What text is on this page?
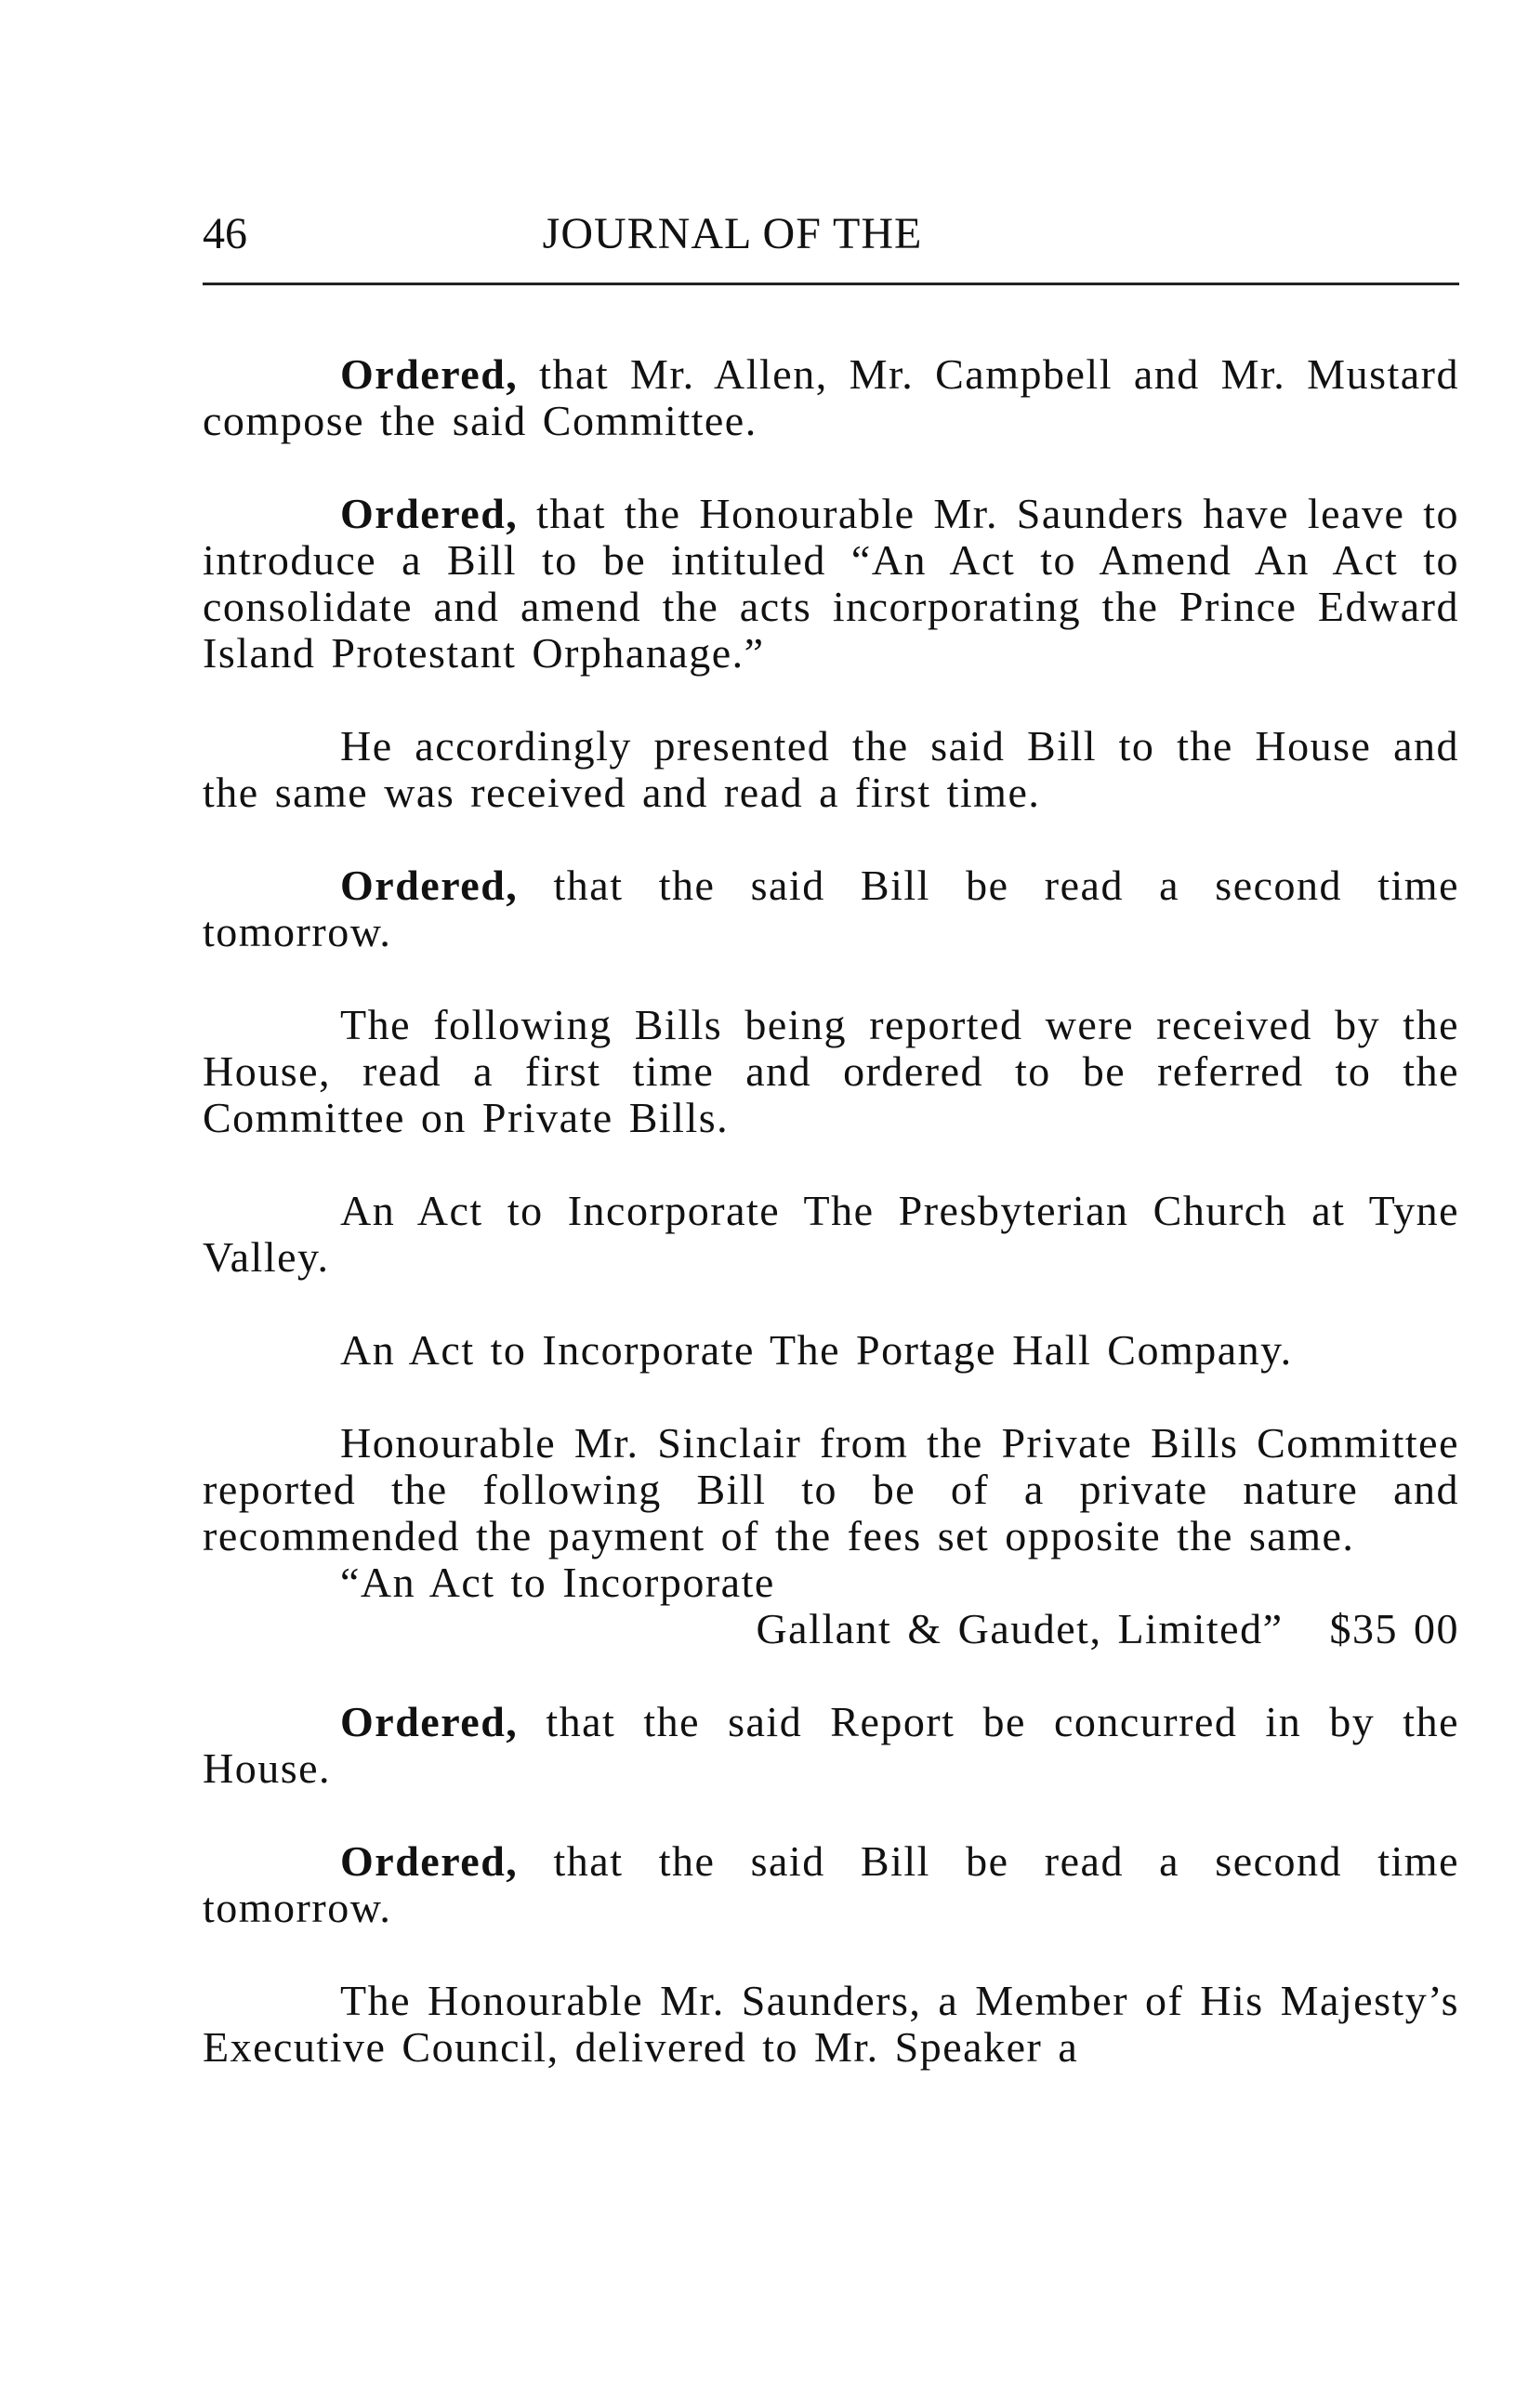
46	JOURNAL OF THE

Ordered, that Mr. Allen, Mr. Campbell and Mr. Mustard compose the said Committee.

Ordered, that the Honourable Mr. Saunders have leave to introduce a Bill to be intituled “An Act to Amend An Act to consolidate and amend the acts incorporating the Prince Edward Island Protestant Orphanage.”

He accordingly presented the said Bill to the House and the same was received and read a first time.

Ordered, that the said Bill be read a second time tomorrow.

The following Bills being reported were received by the House, read a first time and ordered to be referred to the Committee on Private Bills.

An Act to Incorporate The Presbyterian Church at Tyne Valley.

An Act to Incorporate The Portage Hall Company.

Honourable Mr. Sinclair from the Private Bills Committee reported the following Bill to be of a private nature and recommended the payment of the fees set opposite the same.

“An Act to Incorporate

Gallant & Gaudet, Limited” $35 00

Ordered, that the said Report be concurred in by the House.

Ordered, that the said Bill be read a second time tomorrow.

The Honourable Mr. Saunders, a Member of His Majesty’s Executive Council, delivered to Mr. Speaker a
